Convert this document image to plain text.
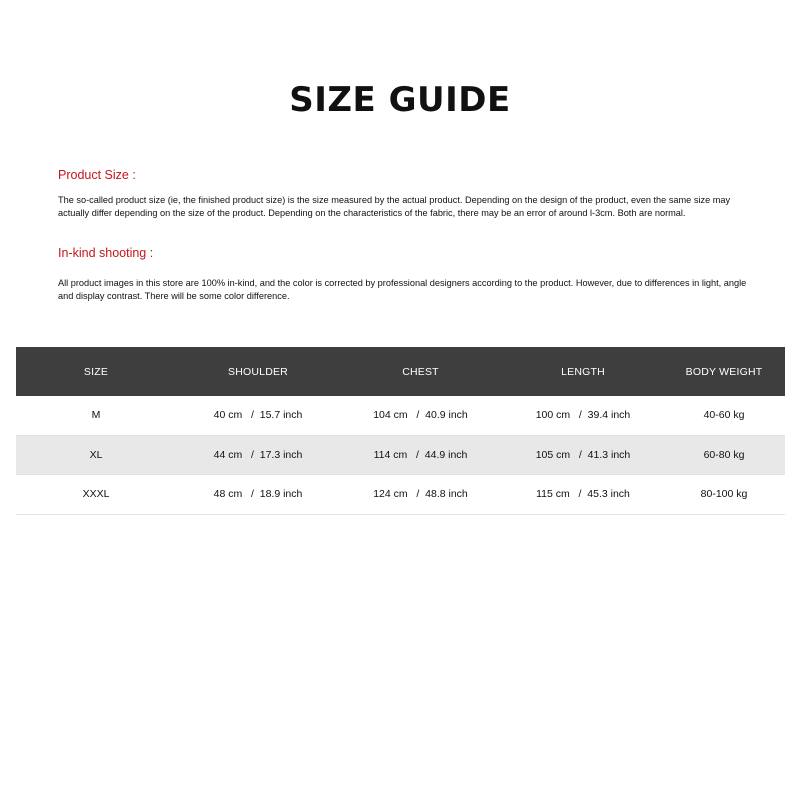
SIZE GUIDE
Product Size :
The so-called product size (ie, the finished product size) is the size measured by the actual product. Depending on the design of the product, even the same size may actually differ depending on the size of the product. Depending on the characteristics of the fabric, there may be an error of around l-3cm. Both are normal.
In-kind shooting :
All product images in this store are 100% in-kind, and the color is corrected by professional designers according to the product. However, due to differences in light, angle and display contrast. There will be some color difference.
SIZE	SHOULDER	CHEST	LENGTH	BODY WEIGHT
M	40 cm   /  15.7 inch	104 cm   /  40.9 inch	100 cm   /  39.4 inch	40-60 kg
XL	44 cm   /  17.3 inch	114 cm   /  44.9 inch	105 cm   /  41.3 inch	60-80 kg
XXXL	48 cm   /  18.9 inch	124 cm   /  48.8 inch	115 cm   /  45.3 inch	80-100 kg
